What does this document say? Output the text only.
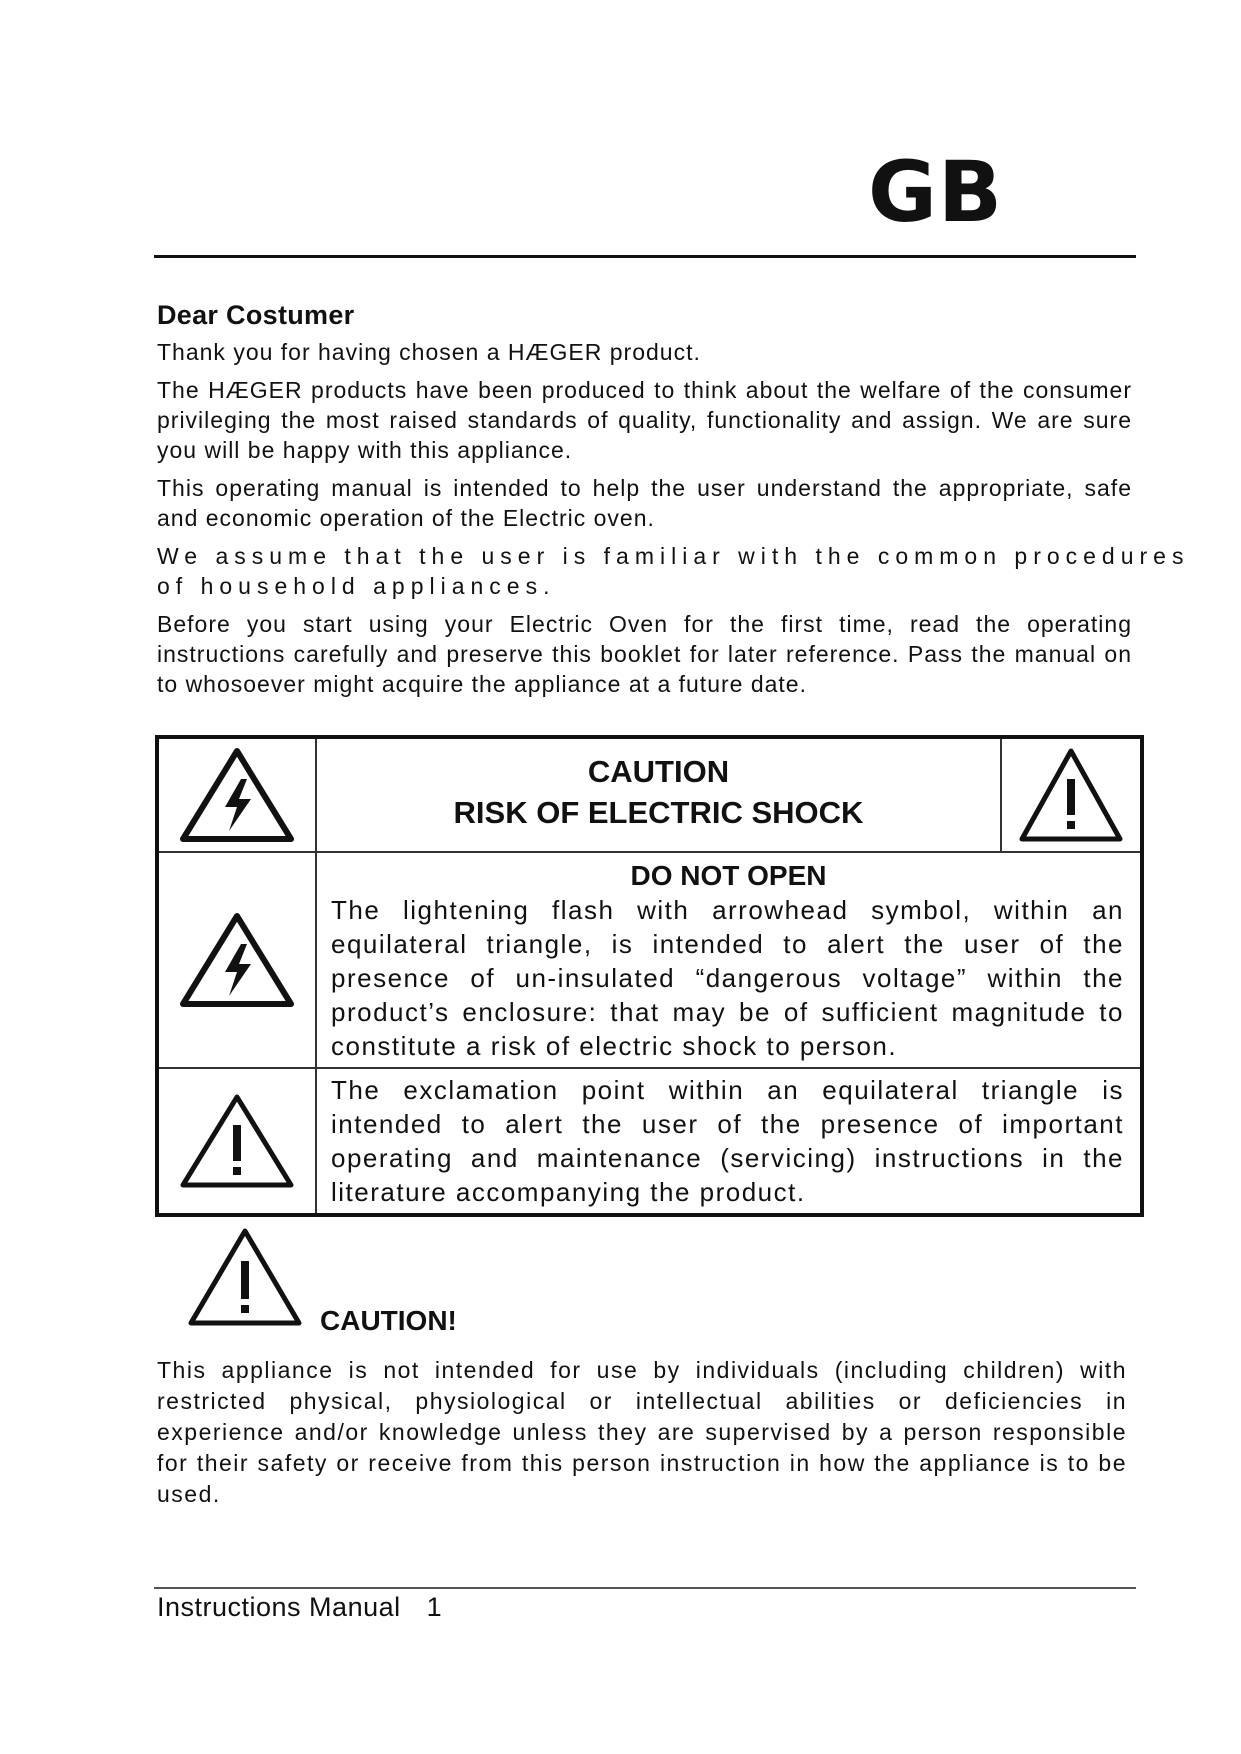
GB
Dear Costumer

Thank you for having chosen a HÆGER product.

The HÆGER products have been produced to think about the welfare of the consumer privileging the most raised standards of quality, functionality and assign. We are sure you will be happy with this appliance.

This operating manual is intended to help the user understand the appropriate, safe and economic operation of the Electric oven.

We assume that the user is familiar with the common procedures of household appliances.

Before you start using your Electric Oven for the first time, read the operating instructions carefully and preserve this booklet for later reference. Pass the manual on to whosoever might acquire the appliance at a future date.

CAUTION
RISK OF ELECTRIC SHOCK

DO NOT OPEN
The lightening flash with arrowhead symbol, within an equilateral triangle, is intended to alert the user of the presence of un-insulated “dangerous voltage” within the product’s enclosure: that may be of sufficient magnitude to constitute a risk of electric shock to person.	

The exclamation point within an equilateral triangle is intended to alert the user of the presence of important operating and maintenance (servicing) instructions in the literature accompanying the product.	
CAUTION!

This appliance is not intended for use by individuals (including children) with restricted physical, physiological or intellectual abilities or deficiencies in experience and/or knowledge unless they are supervised by a person responsible for their safety or receive from this person instruction in how the appliance is to be used.

Instructions Manual 1
